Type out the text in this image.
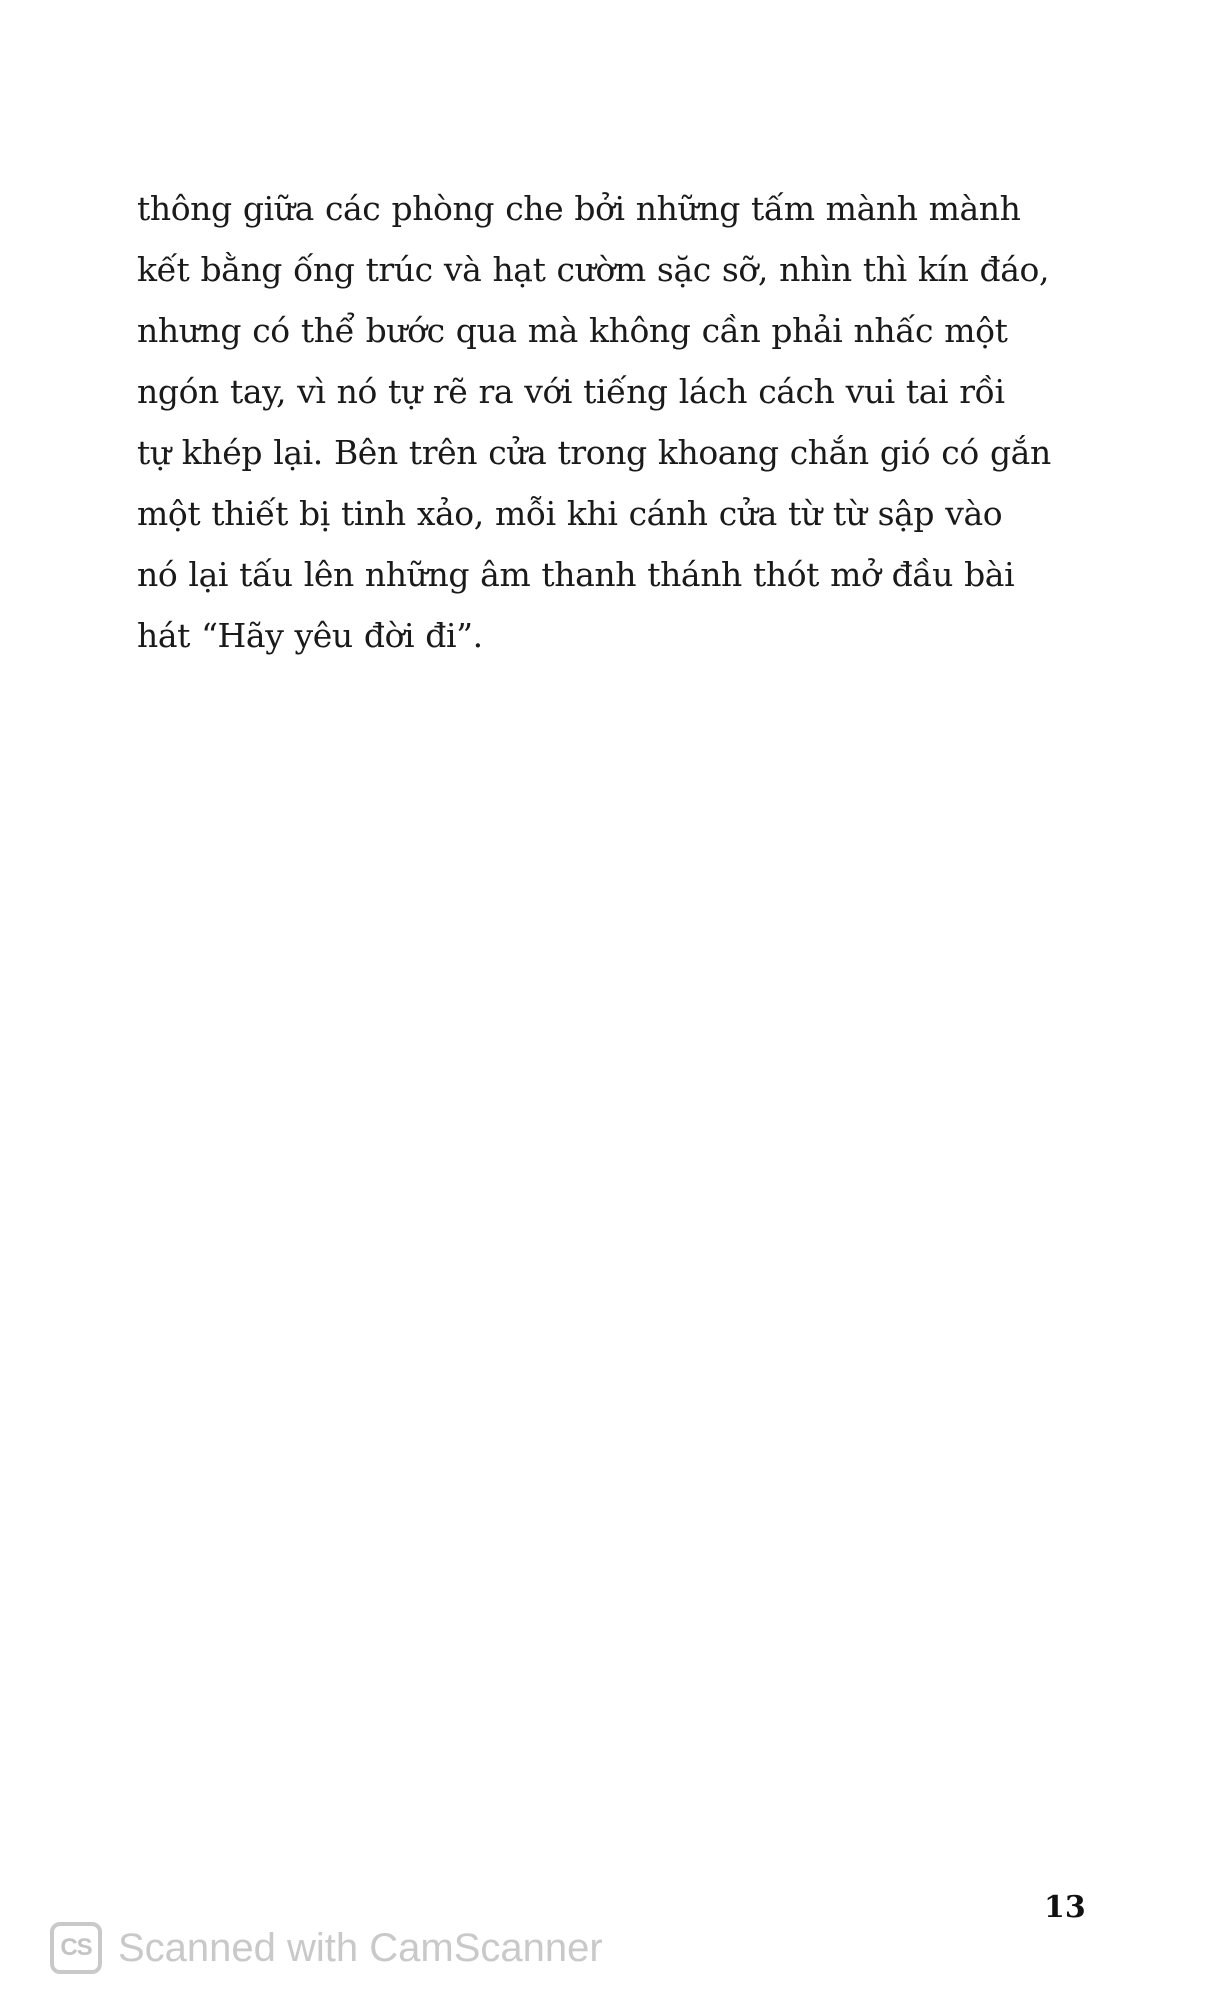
thông giữa các phòng che bởi những tấm mành mành
kết bằng ống trúc và hạt cườm sặc sỡ, nhìn thì kín đáo,
nhưng có thể bước qua mà không cần phải nhấc một
ngón tay, vì nó tự rẽ ra với tiếng lách cách vui tai rồi
tự khép lại. Bên trên cửa trong khoang chắn gió có gắn
một thiết bị tinh xảo, mỗi khi cánh cửa từ từ sập vào
nó lại tấu lên những âm thanh thánh thót mở đầu bài
hát “Hãy yêu đời đi”.
13
CS Scanned with CamScanner
